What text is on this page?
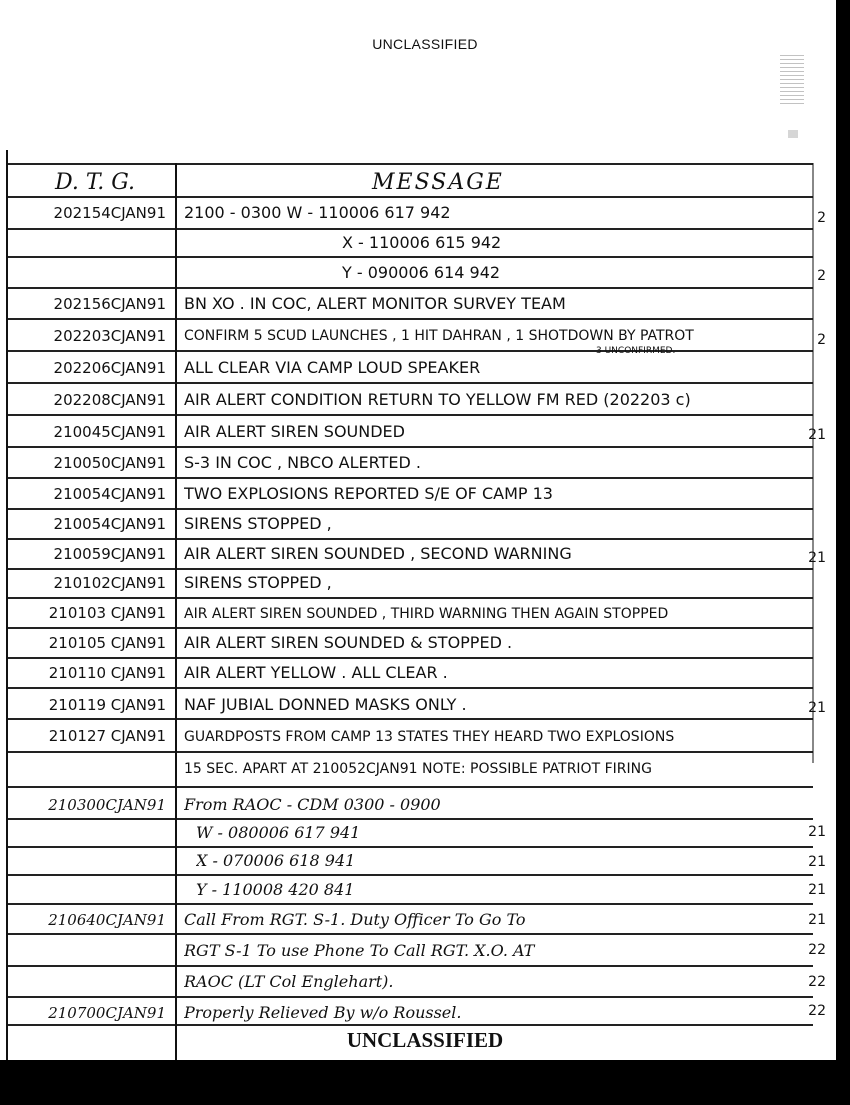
UNCLASSIFIED
D. T. G.	MESSAGE
202154CJAN91 2100 - 0300 W - 110006 617 942	2
X - 110006 615 942
Y - 090006 614 942	2
202156CJAN91 BN XO . IN COC, ALERT MONITOR SURVEY TEAM
202203CJAN91 CONFIRM 5 SCUD LAUNCHES , 1 HIT DAHRAN , 1 SHOTDOWN BY PATROT	2
3 UNCONFIRMED.
202206CJAN91 ALL CLEAR VIA CAMP LOUD SPEAKER
202208CJAN91 AIR ALERT CONDITION RETURN TO YELLOW FM RED (202203 c)
210045CJAN91 AIR ALERT SIREN SOUNDED	21
210050CJAN91 S-3 IN COC , NBCO ALERTED .
210054CJAN91 TWO EXPLOSIONS REPORTED S/E OF CAMP 13
210054CJAN91 SIRENS STOPPED ,
210059CJAN91 AIR ALERT SIREN SOUNDED , SECOND WARNING	21
210102CJAN91 SIRENS STOPPED ,
210103 CJAN91 AIR ALERT SIREN SOUNDED , THIRD WARNING THEN AGAIN STOPPED
210105 CJAN91 AIR ALERT SIREN SOUNDED & STOPPED .
210110 CJAN91 AIR ALERT YELLOW . ALL CLEAR .
210119 CJAN91 NAF JUBIAL DONNED MASKS ONLY .	21
210127 CJAN91 GUARDPOSTS FROM CAMP 13 STATES THEY HEARD TWO EXPLOSIONS
15 SEC. APART AT 210052CJAN91 NOTE: POSSIBLE PATRIOT FIRING
210300CJAN91 From RAOC - CDM 0300 - 0900
W - 080006 617 941	21
X - 070006 618 941	21
Y - 110008 420 841	21
210640CJAN91 Call From RGT. S-1. Duty Officer To Go To	21
RGT S-1 To use Phone To Call RGT. X.O. AT	22
RAOC (LT Col Englehart).	22
210700CJAN91 Properly Relieved By w/o Roussel.	22
UNCLASSIFIED
